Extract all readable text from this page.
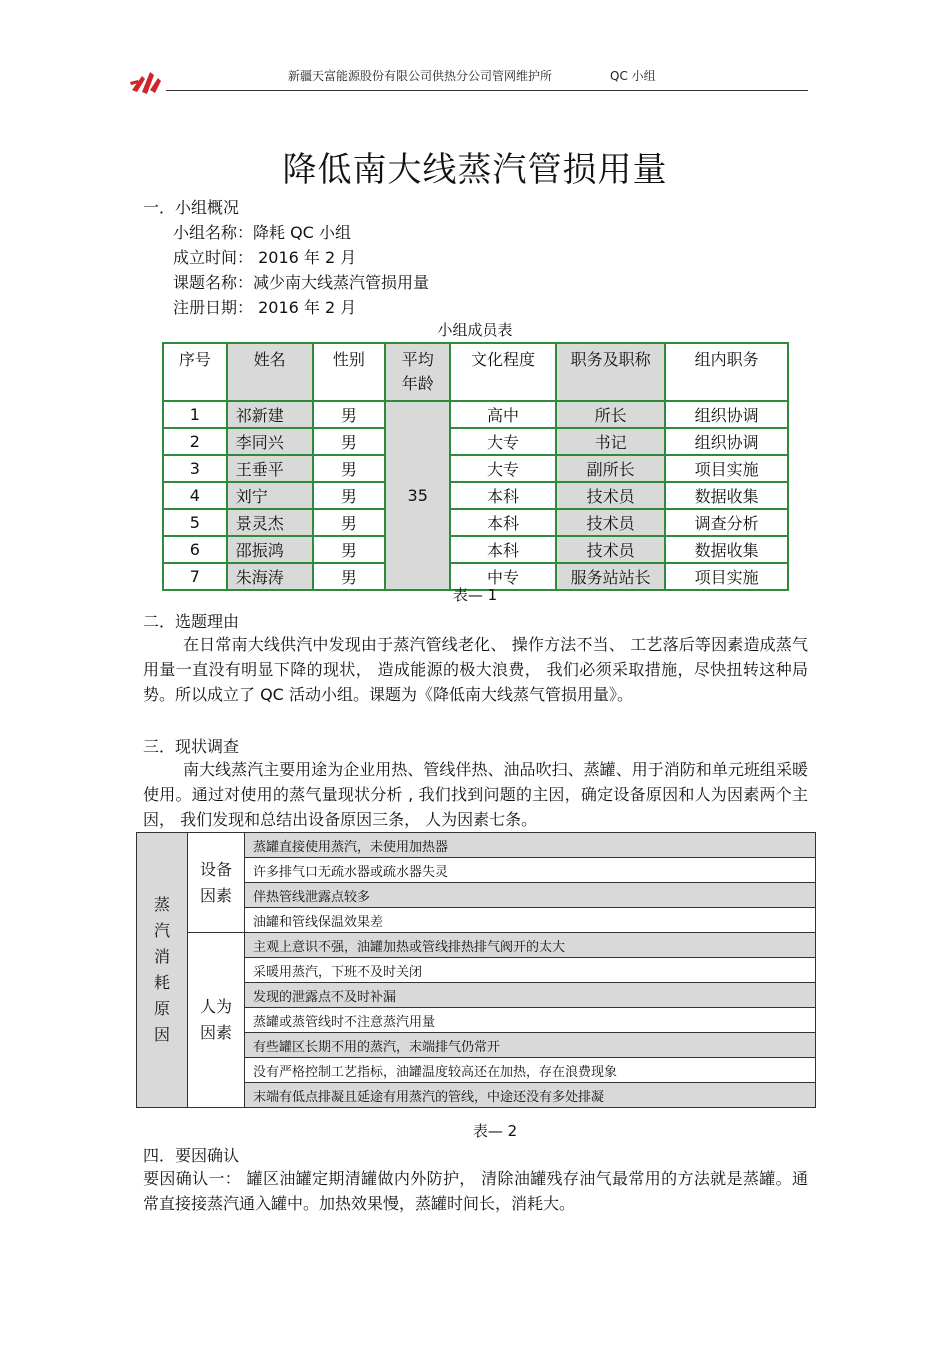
新疆天富能源股份有限公司供热分公司管网维护所	QC 小组
降低南大线蒸汽管损用量
一．小组概况
小组名称：降耗 QC 小组
成立时间： 2016 年 2 月
课题名称：减少南大线蒸汽管损用量
注册日期： 2016 年 2 月
小组成员表
序号	姓名	性别	平均年龄	文化程度	职务及职称	组内职务
1	祁新建	男	35	高中	所长	组织协调
2	李同兴	男		大专	书记	组织协调
3	王垂平	男		大专	副所长	项目实施
4	刘宁	男		本科	技术员	数据收集
5	景灵杰	男		本科	技术员	调查分析
6	邵振鸿	男		本科	技术员	数据收集
7	朱海涛	男		中专	服务站站长	项目实施
表— 1
二．选题理由

在日常南大线供汽中发现由于蒸汽管线老化、 操作方法不当、 工艺落后等因素造成蒸气用量一直没有明显下降的现状， 造成能源的极大浪费， 我们必须采取措施，尽快扭转这种局势。所以成立了 QC 活动小组。课题为《降低南大线蒸气管损用量》。

三．现状调查

南大线蒸汽主要用途为企业用热、管线伴热、油品吹扫、蒸罐、用于消防和单元班组采暖使用。通过对使用的蒸气量现状分析 , 我们找到问题的主因，确定设备原因和人为因素两个主因， 我们发现和总结出设备原因三条， 人为因素七条。

蒸汽消耗原因	设备因素	蒸罐直接使用蒸汽，未使用加热器
		许多排气口无疏水器或疏水器失灵
		伴热管线泄露点较多
		油罐和管线保温效果差
	人为因素	主观上意识不强，油罐加热或管线排热排气阀开的太大
		采暖用蒸汽，下班不及时关闭
		发现的泄露点不及时补漏
		蒸罐或蒸管线时不注意蒸汽用量
		有些罐区长期不用的蒸汽，末端排气仍常开
		没有严格控制工艺指标，油罐温度较高还在加热，存在浪费现象
		末端有低点排凝且延途有用蒸汽的管线，中途还没有多处排凝
表— 2
四．要因确认

要因确认一： 罐区油罐定期清罐做内外防护， 清除油罐残存油气最常用的方法就是蒸罐。通常直接接蒸汽通入罐中。加热效果慢，蒸罐时间长，消耗大。
